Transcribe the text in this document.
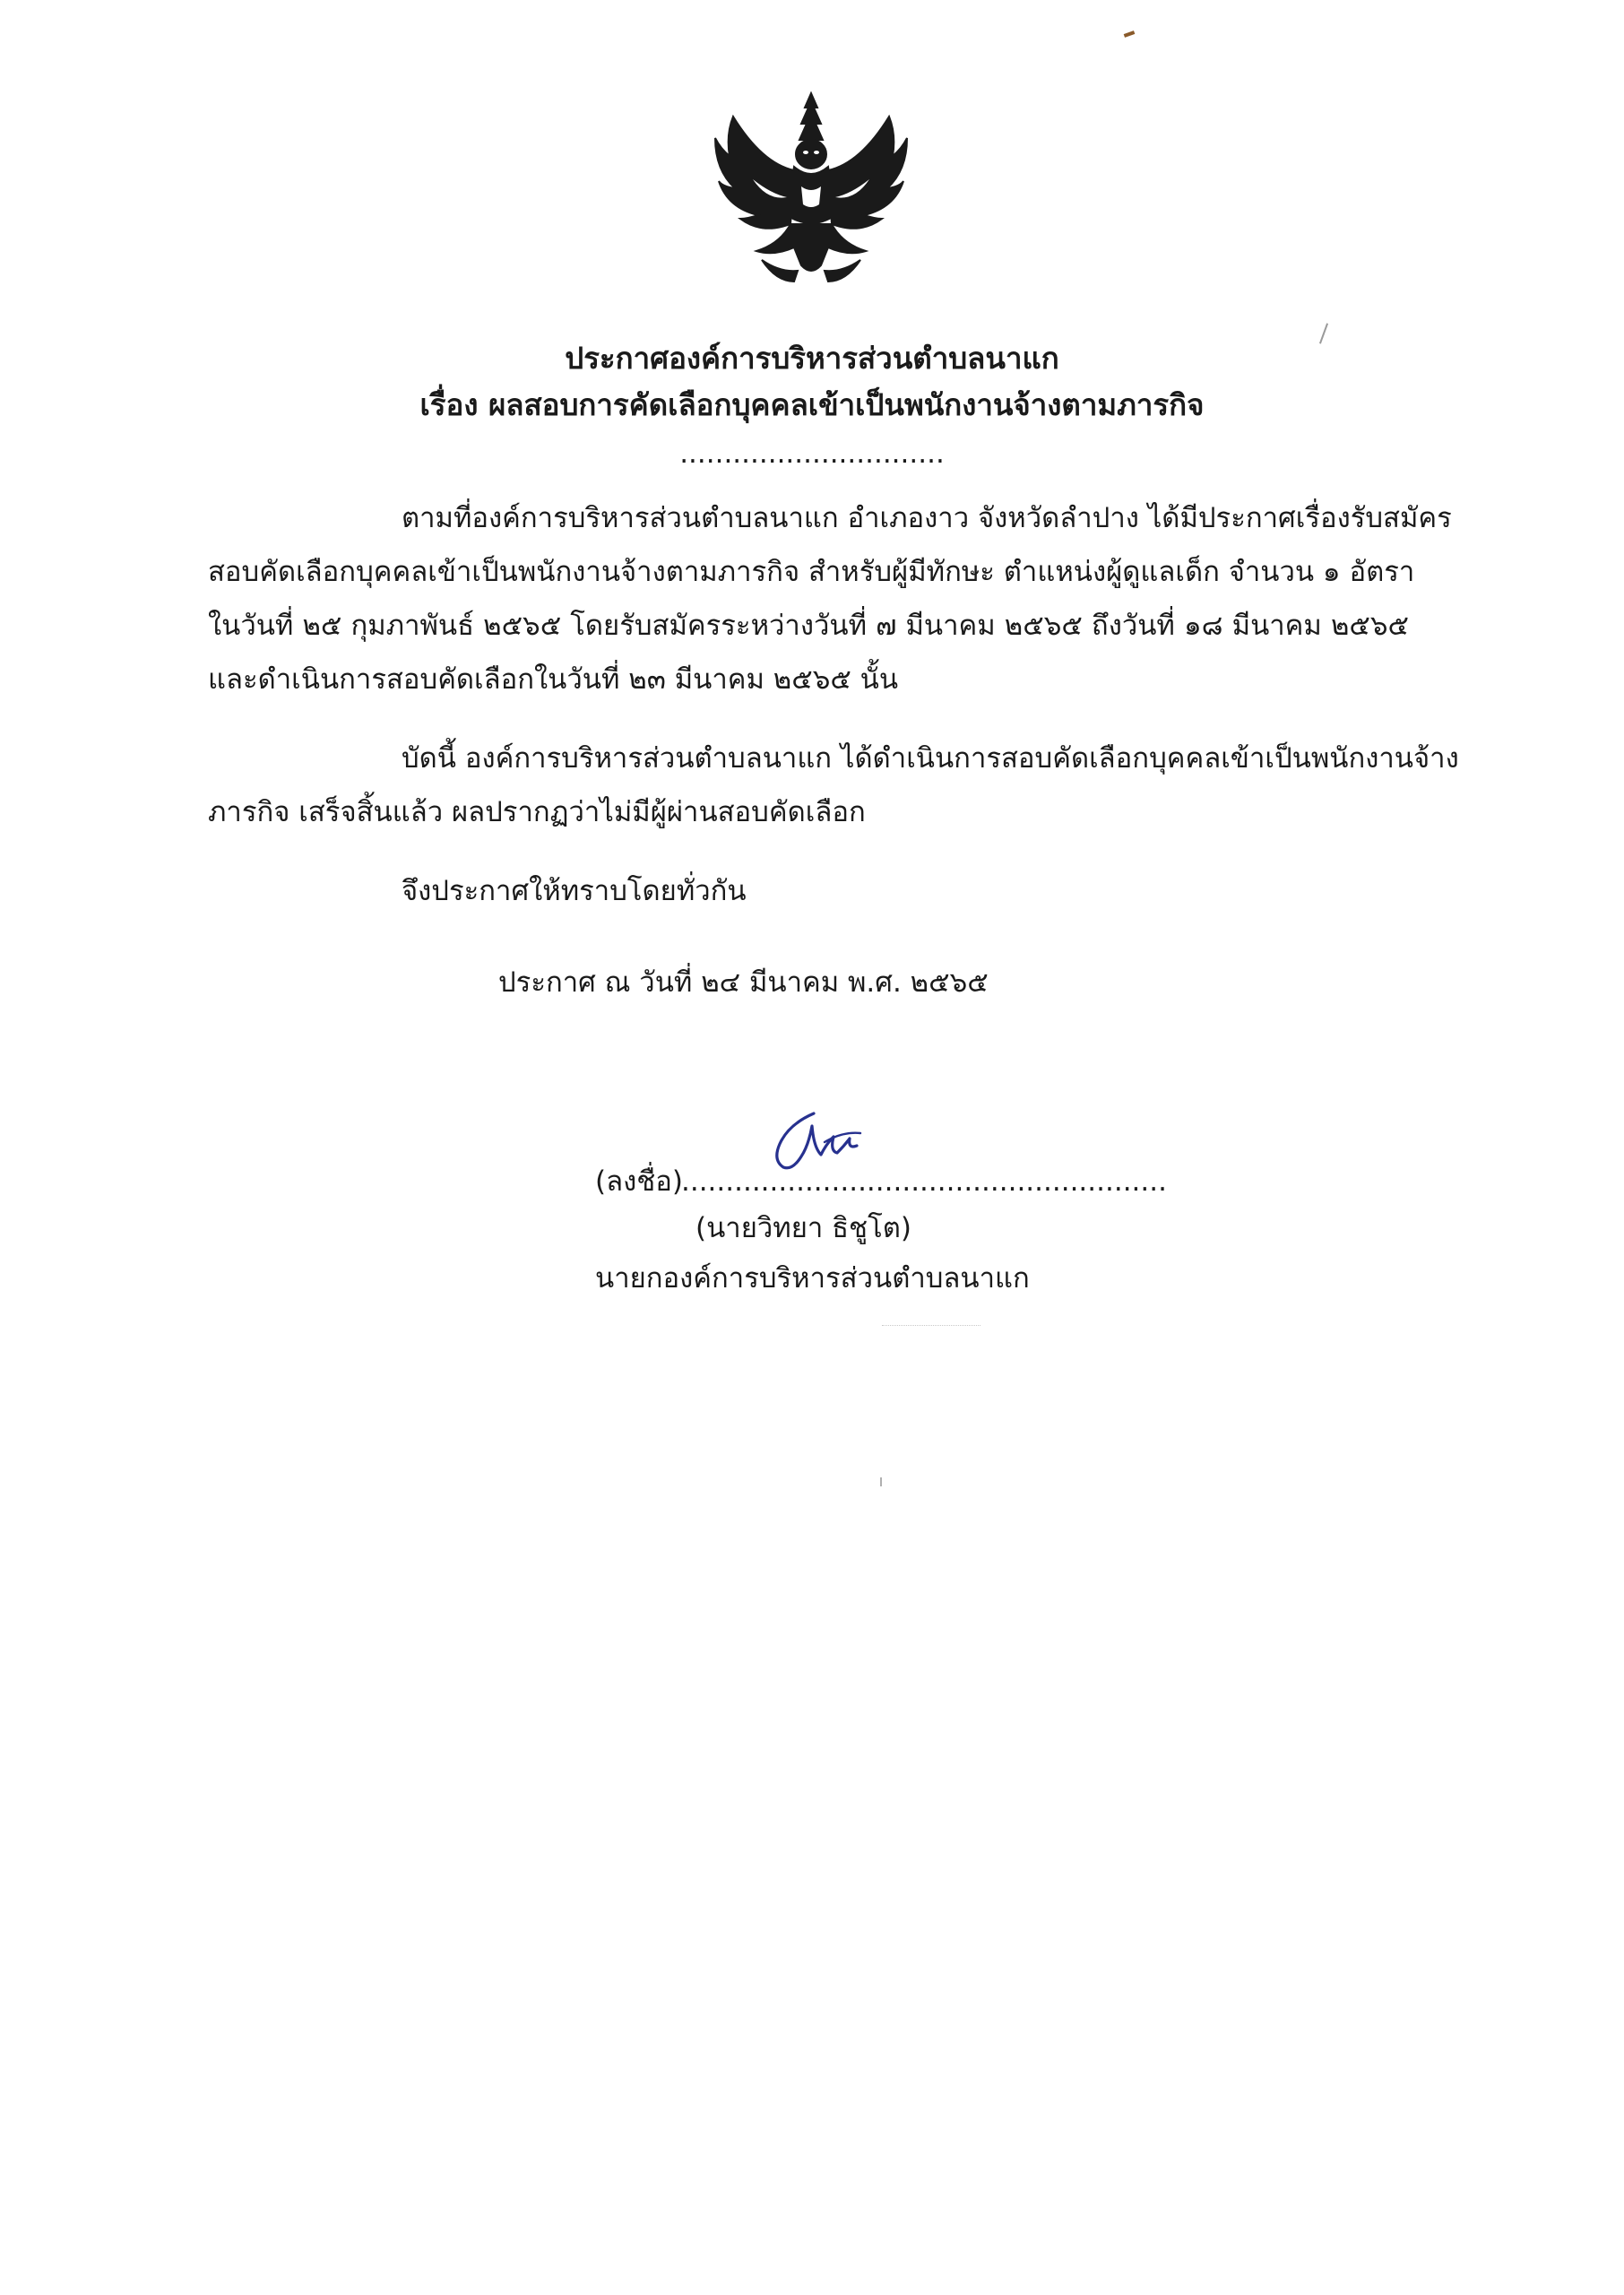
ประกาศองค์การบริหารส่วนตำบลนาแก
เรื่อง ผลสอบการคัดเลือกบุคคลเข้าเป็นพนักงานจ้างตามภารกิจ
..............................
ตามที่องค์การบริหารส่วนตำบลนาแก อำเภองาว จังหวัดลำปาง ได้มีประกาศเรื่องรับสมัคร
สอบคัดเลือกบุคคลเข้าเป็นพนักงานจ้างตามภารกิจ สำหรับผู้มีทักษะ ตำแหน่งผู้ดูแลเด็ก จำนวน ๑ อัตรา
ในวันที่ ๒๕ กุมภาพันธ์ ๒๕๖๕ โดยรับสมัครระหว่างวันที่ ๗ มีนาคม ๒๕๖๕ ถึงวันที่ ๑๘ มีนาคม ๒๕๖๕
และดำเนินการสอบคัดเลือกในวันที่ ๒๓ มีนาคม ๒๕๖๕ นั้น
บัดนี้ องค์การบริหารส่วนตำบลนาแก ได้ดำเนินการสอบคัดเลือกบุคคลเข้าเป็นพนักงานจ้าง
ภารกิจ เสร็จสิ้นแล้ว ผลปรากฏว่าไม่มีผู้ผ่านสอบคัดเลือก
จึงประกาศให้ทราบโดยทั่วกัน
ประกาศ ณ วันที่ ๒๔ มีนาคม พ.ศ. ๒๕๖๕
(ลงชื่อ)
.......................................................
(นายวิทยา ธิชูโต)
นายกองค์การบริหารส่วนตำบลนาแก
